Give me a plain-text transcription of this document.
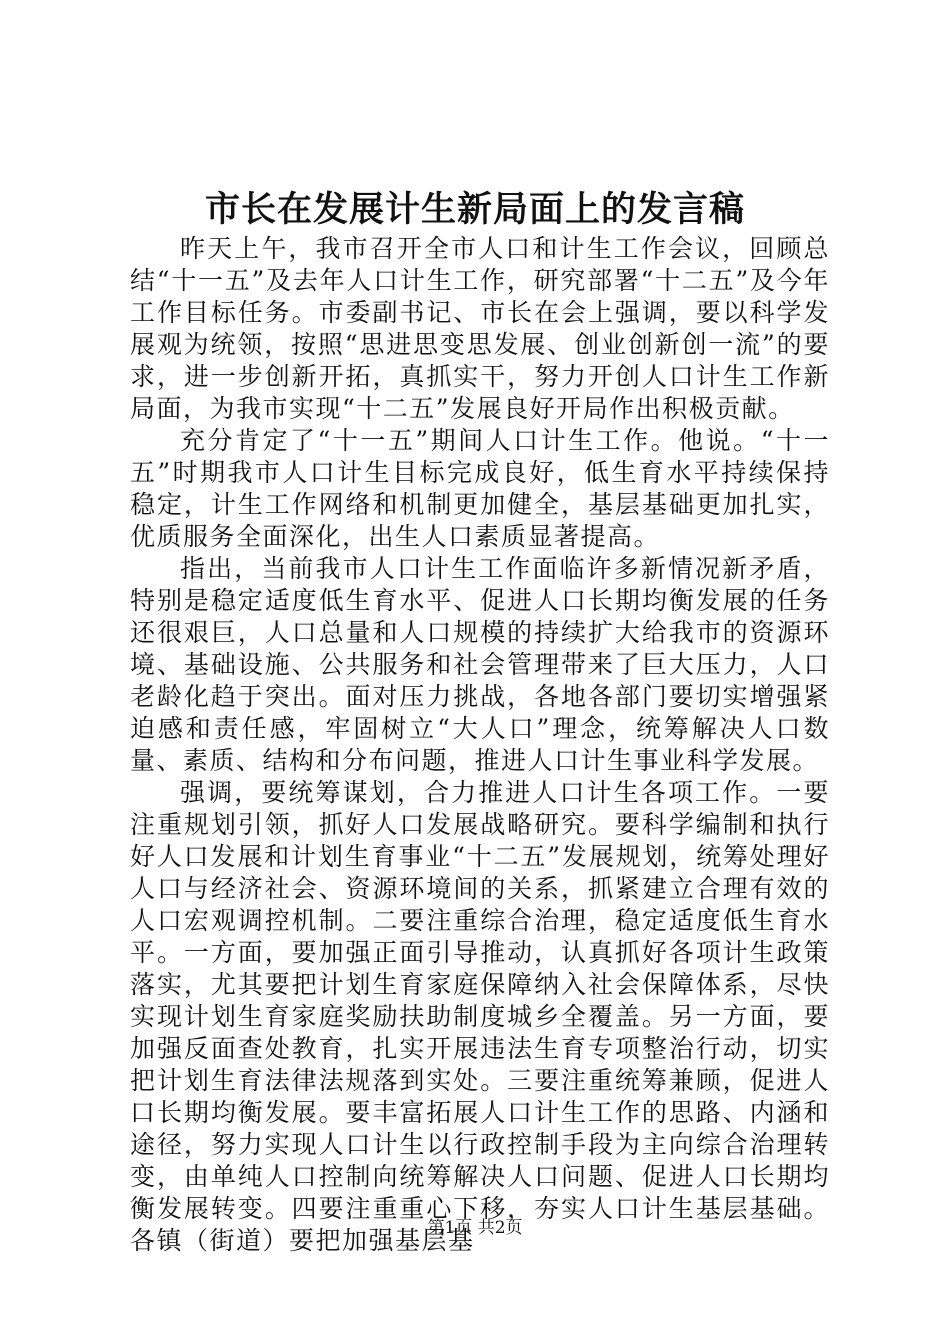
市长在发展计生新局面上的发言稿

昨天上午，我市召开全市人口和计生工作会议，回顾总结“十一五”及去年人口计生工作，研究部署“十二五”及今年工作目标任务。市委副书记、市长在会上强调，要以科学发展观为统领，按照“思进思变思发展、创业创新创一流”的要求，进一步创新开拓，真抓实干，努力开创人口计生工作新局面，为我市实现“十二五”发展良好开局作出积极贡献。

充分肯定了“十一五”期间人口计生工作。他说。“十一五”时期我市人口计生目标完成良好，低生育水平持续保持稳定，计生工作网络和机制更加健全，基层基础更加扎实，优质服务全面深化，出生人口素质显著提高。

指出，当前我市人口计生工作面临许多新情况新矛盾，特别是稳定适度低生育水平、促进人口长期均衡发展的任务还很艰巨，人口总量和人口规模的持续扩大给我市的资源环境、基础设施、公共服务和社会管理带来了巨大压力，人口老龄化趋于突出。面对压力挑战，各地各部门要切实增强紧迫感和责任感，牢固树立“大人口”理念，统筹解决人口数量、素质、结构和分布问题，推进人口计生事业科学发展。

强调，要统筹谋划，合力推进人口计生各项工作。一要注重规划引领，抓好人口发展战略研究。要科学编制和执行好人口发展和计划生育事业“十二五”发展规划，统筹处理好人口与经济社会、资源环境间的关系，抓紧建立合理有效的人口宏观调控机制。二要注重综合治理，稳定适度低生育水平。一方面，要加强正面引导推动，认真抓好各项计生政策落实，尤其要把计划生育家庭保障纳入社会保障体系，尽快实现计划生育家庭奖励扶助制度城乡全覆盖。另一方面，要加强反面查处教育，扎实开展违法生育专项整治行动，切实把计划生育法律法规落到实处。三要注重统筹兼顾，促进人口长期均衡发展。要丰富拓展人口计生工作的思路、内涵和途径，努力实现人口计生以行政控制手段为主向综合治理转变，由单纯人口控制向统筹解决人口问题、促进人口长期均衡发展转变。四要注重重心下移，夯实人口计生基层基础。各镇（街道）要把加强基层基

第1页 共2页
